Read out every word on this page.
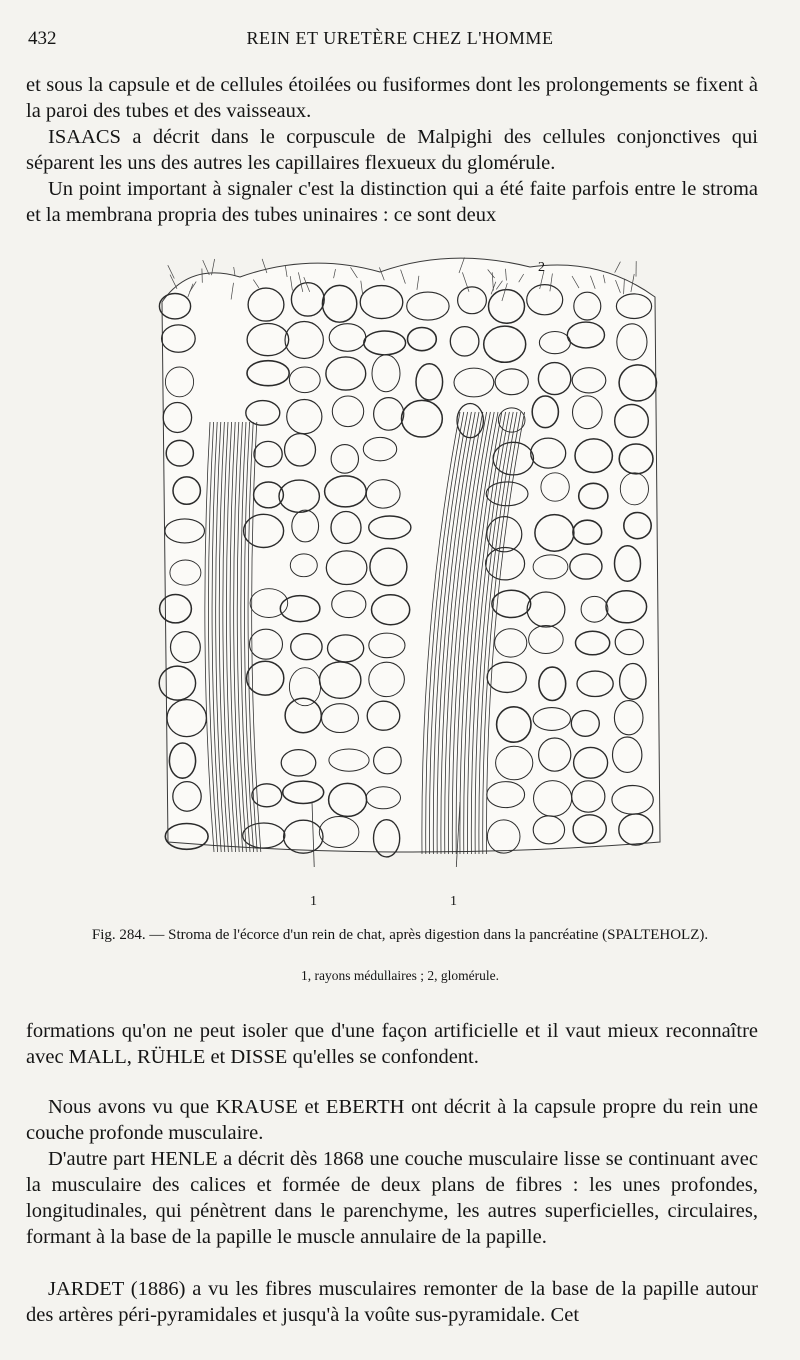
432	REIN ET URETÈRE CHEZ L'HOMME

et sous la capsule et de cellules étoilées ou fusiformes dont les prolongements se fixent à la paroi des tubes et des vaisseaux.

ISAACS a décrit dans le corpuscule de Malpighi des cellules conjonctives qui séparent les uns des autres les capillaires flexueux du glomérule.

Un point important à signaler c'est la distinction qui a été faite parfois entre le stroma et la membrana propria des tubes uninaires : ce sont deux

1	1
2
Fig. 284. — Stroma de l'écorce d'un rein de chat, après digestion dans la pancréatine (SPALTEHOLZ).
1, rayons médullaires ; 2, glomérule.

formations qu'on ne peut isoler que d'une façon artificielle et il vaut mieux reconnaître avec MALL, RÜHLE et DISSE qu'elles se confondent.

Nous avons vu que KRAUSE et EBERTH ont décrit à la capsule propre du rein une couche profonde musculaire.

D'autre part HENLE a décrit dès 1868 une couche musculaire lisse se continuant avec la musculaire des calices et formée de deux plans de fibres : les unes profondes, longitudinales, qui pénètrent dans le parenchyme, les autres superficielles, circulaires, formant à la base de la papille le muscle annulaire de la papille.

JARDET (1886) a vu les fibres musculaires remonter de la base de la papille autour des artères péri-pyramidales et jusqu'à la voûte sus-pyramidale. Cet
